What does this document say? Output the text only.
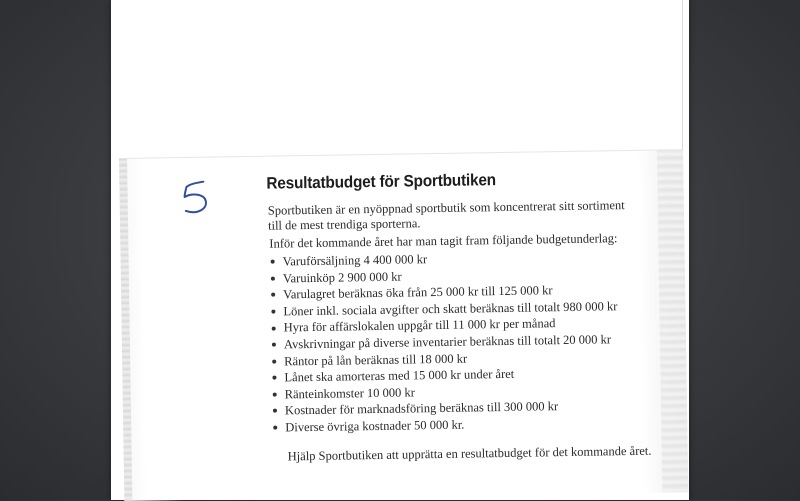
Resultatbudget för Sportbutiken

Sportbutiken är en nyöppnad sportbutik som koncentrerat sitt sortiment till de mest trendiga sporterna.

Inför det kommande året har man tagit fram följande budgetunderlag:

Varuförsäljning 4 400 000 kr
Varuinköp 2 900 000 kr
Varulagret beräknas öka från 25 000 kr till 125 000 kr
Löner inkl. sociala avgifter och skatt beräknas till totalt 980 000 kr
Hyra för affärslokalen uppgår till 11 000 kr per månad
Avskrivningar på diverse inventarier beräknas till totalt 20 000 kr
Räntor på lån beräknas till 18 000 kr
Lånet ska amorteras med 15 000 kr under året
Ränteinkomster 10 000 kr
Kostnader för marknadsföring beräknas till 300 000 kr
Diverse övriga kostnader 50 000 kr.

Hjälp Sportbutiken att upprätta en resultatbudget för det kommande året.
